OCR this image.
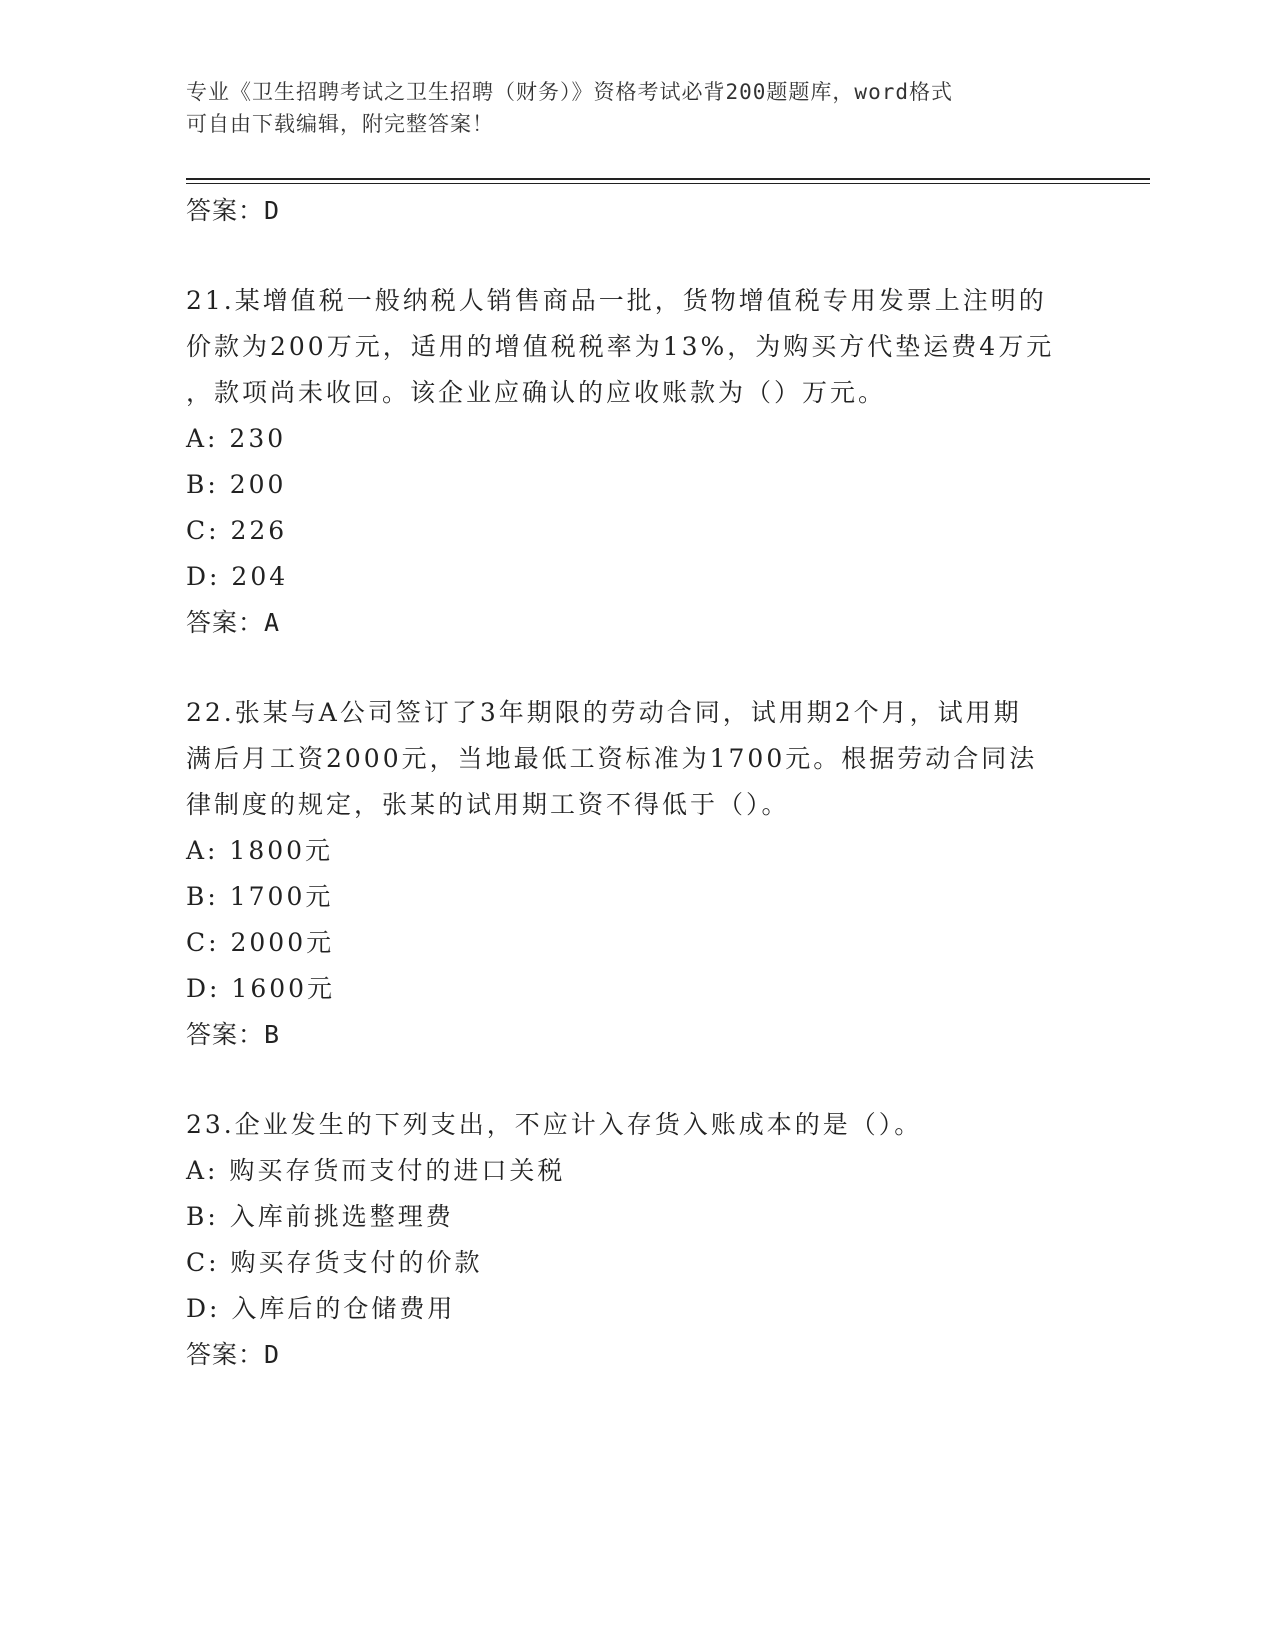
专业《卫生招聘考试之卫生招聘（财务）》资格考试必背200题题库，word格式
可自由下载编辑，附完整答案！
答案：D
21.某增值税一般纳税人销售商品一批，货物增值税专用发票上注明的
价款为200万元，适用的增值税税率为13%，为购买方代垫运费4万元
，款项尚未收回。该企业应确认的应收账款为（）万元。
A: 230
B: 200
C: 226
D: 204
答案：A
22.张某与A公司签订了3年期限的劳动合同，试用期2个月，试用期
满后月工资2000元，当地最低工资标准为1700元。根据劳动合同法
律制度的规定，张某的试用期工资不得低于（）。
A: 1800元
B: 1700元
C: 2000元
D: 1600元
答案：B
23.企业发生的下列支出，不应计入存货入账成本的是（）。
A: 购买存货而支付的进口关税
B: 入库前挑选整理费
C: 购买存货支付的价款
D: 入库后的仓储费用
答案：D
